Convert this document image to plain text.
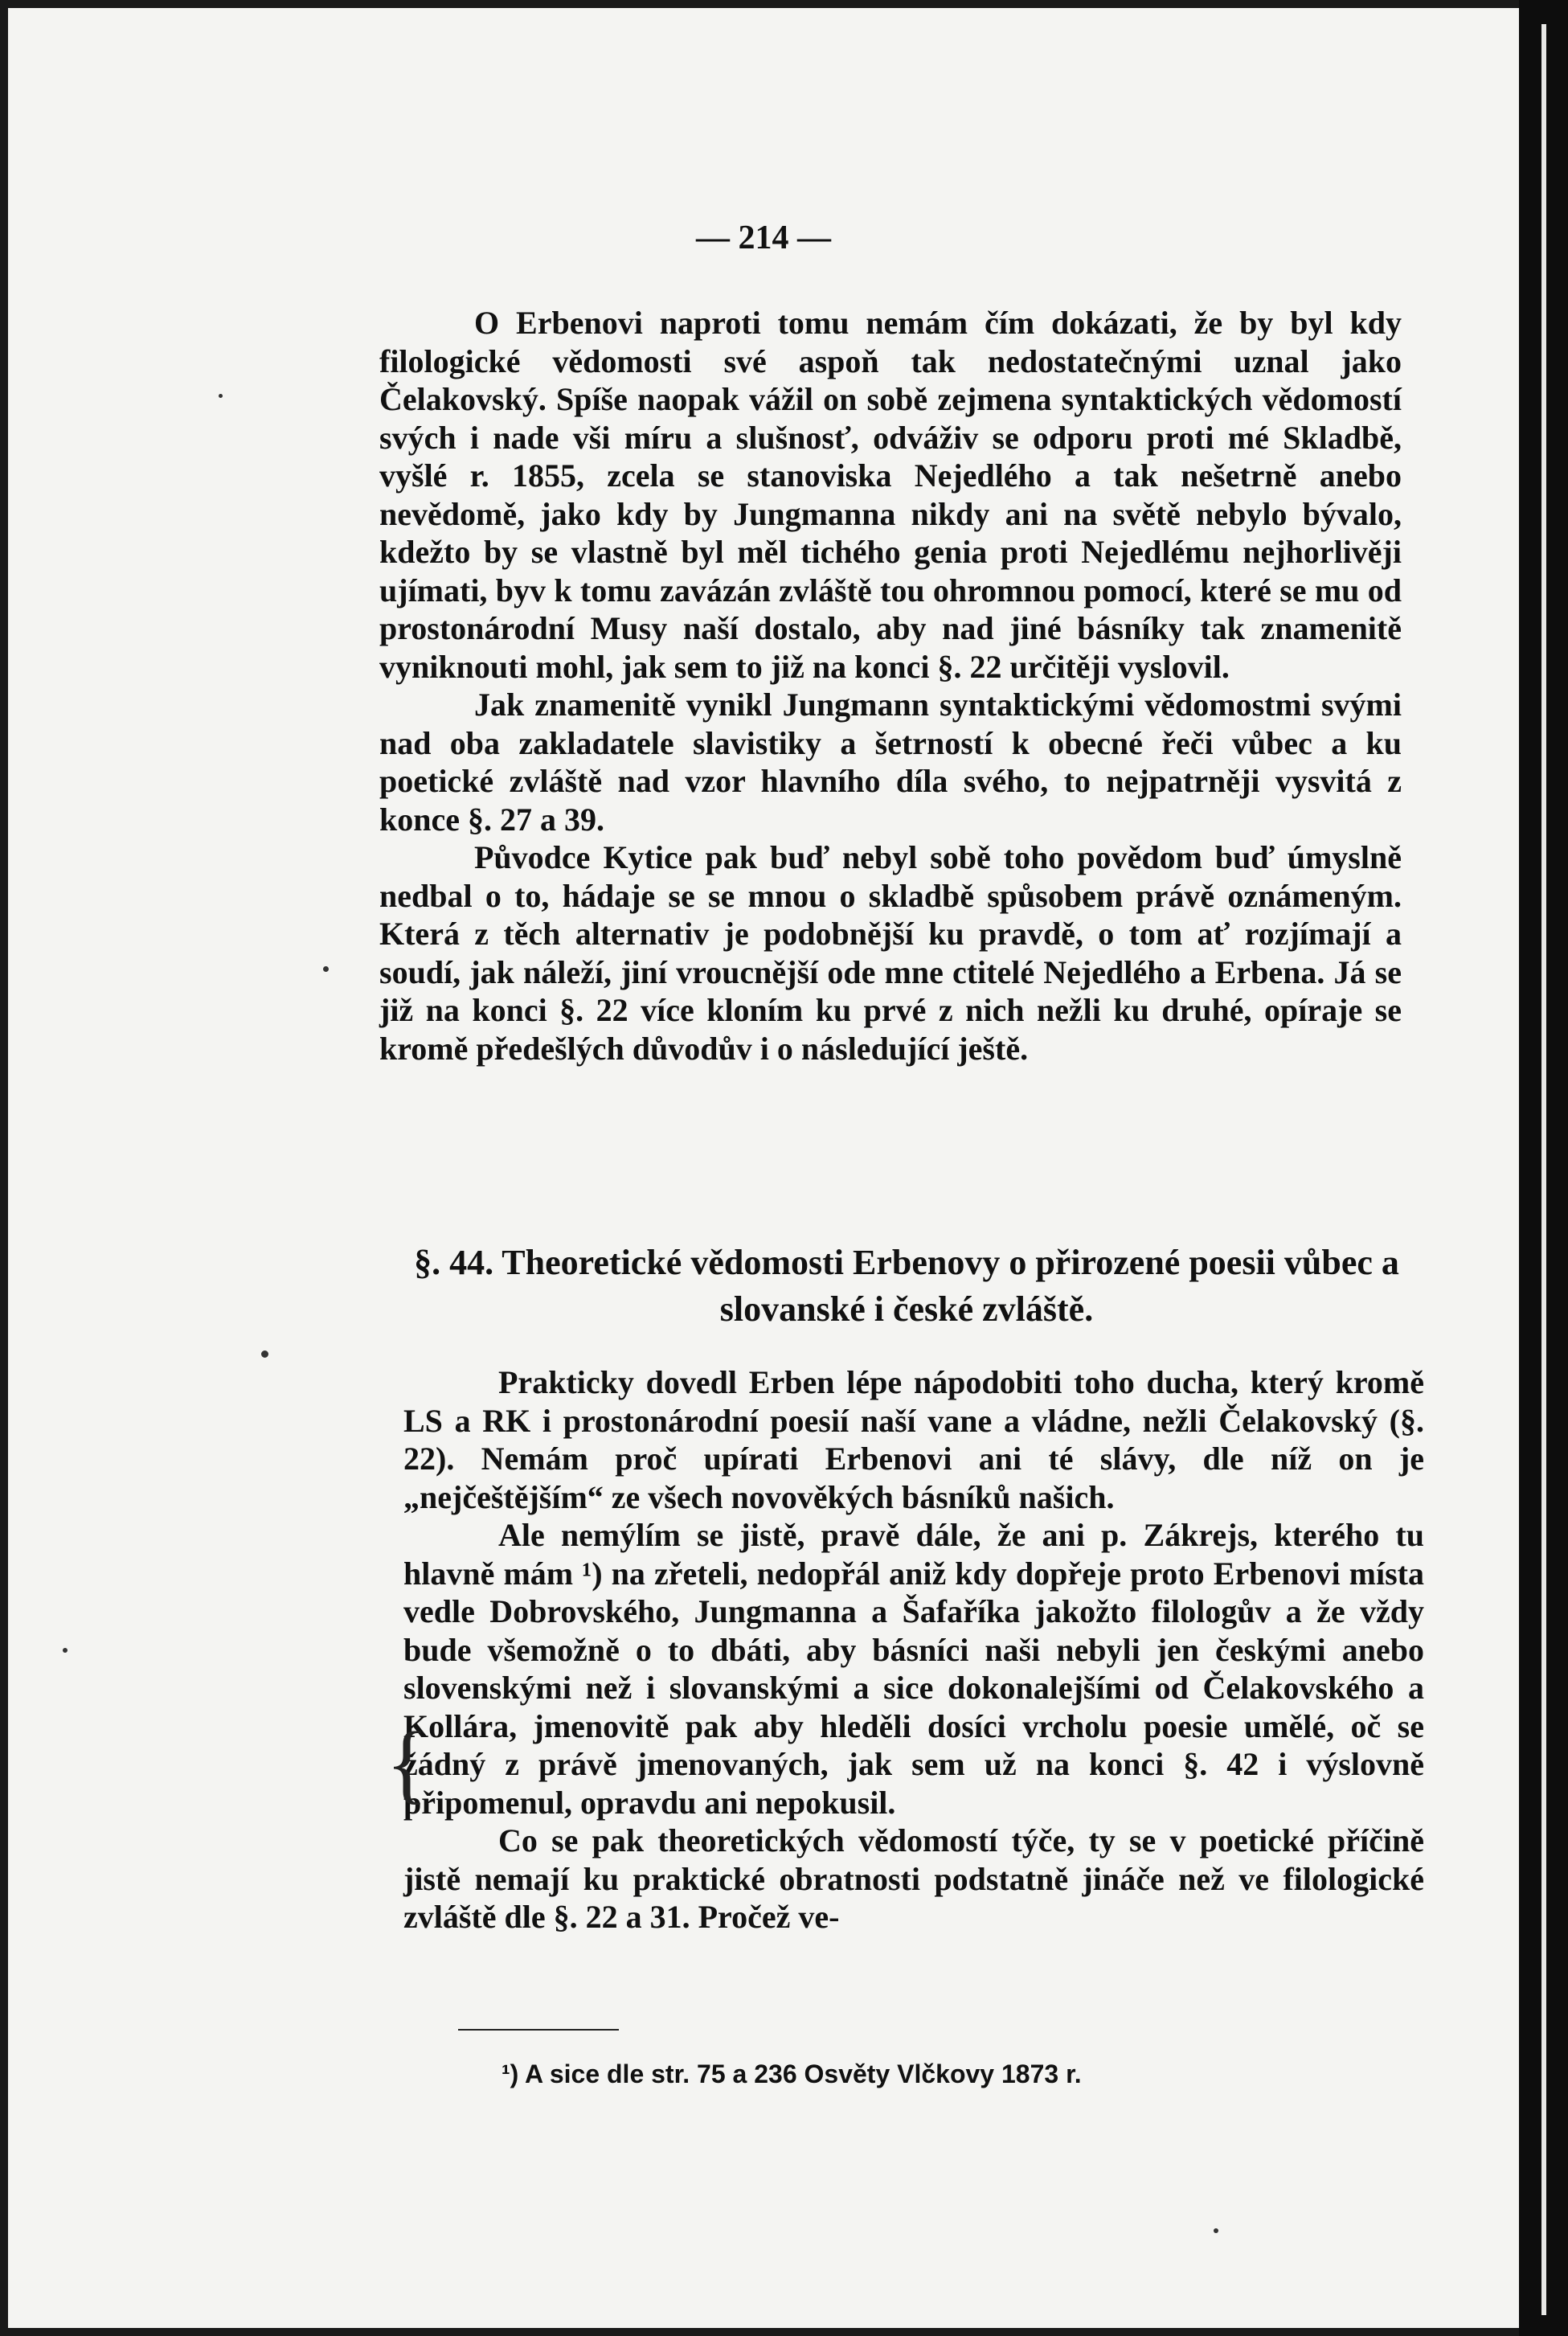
— 214 —

O Erbenovi naproti tomu nemám čím dokázati, že by byl kdy filologické vědomosti své aspoň tak nedostatečnými uznal jako Čelakovský. Spíše naopak vážil on sobě zejmena syntaktických vědomostí svých i nade vši míru a slušnosť, odváživ se odporu proti mé Skladbě, vyšlé r. 1855, zcela se stanoviska Nejedlého a tak nešetrně anebo nevědomě, jako kdy by Jungmanna nikdy ani na světě nebylo bývalo, kdežto by se vlastně byl měl tichého genia proti Nejedlému nejhorlivěji ujímati, byv k tomu zavázán zvláště tou ohromnou pomocí, které se mu od prostonárodní Musy naší dostalo, aby nad jiné básníky tak znamenitě vyniknouti mohl, jak sem to již na konci §. 22 určitěji vyslovil.

Jak znamenitě vynikl Jungmann syntaktickými vědomostmi svými nad oba zakladatele slavistiky a šetrností k obecné řeči vůbec a ku poetické zvláště nad vzor hlavního díla svého, to nejpatrněji vysvitá z konce §. 27 a 39.

Původce Kytice pak buď nebyl sobě toho povědom buď úmyslně nedbal o to, hádaje se se mnou o skladbě spůsobem právě oznámeným. Která z těch alternativ je podobnější ku pravdě, o tom ať rozjímají a soudí, jak náleží, jiní vroucnější ode mne ctitelé Nejedlého a Erbena. Já se již na konci §. 22 více kloním ku prvé z nich nežli ku druhé, opíraje se kromě předešlých důvodův i o následující ještě.

§. 44. Theoretické vědomosti Erbenovy o přirozené poesii vůbec a slovanské i české zvláště.

Prakticky dovedl Erben lépe nápodobiti toho ducha, který kromě LS a RK i prostonárodní poesií naší vane a vládne, nežli Čelakovský (§. 22). Nemám proč upírati Erbenovi ani té slávy, dle níž on je „nejčeštějším“ ze všech novověkých básníků našich.

Ale nemýlím se jistě, pravě dále, že ani p. Zákrejs, kterého tu hlavně mám ¹) na zřeteli, nedopřál aniž kdy dopřeje proto Erbenovi místa vedle Dobrovského, Jungmanna a Šafaříka jakožto filologův a že vždy bude všemožně o to dbáti, aby básníci naši nebyli jen českými anebo slovenskými než i slovanskými a sice dokonalejšími od Čelakovského a Kollára, jmenovitě pak aby hleděli dosíci vrcholu poesie umělé, oč se žádný z právě jmenovaných, jak sem už na konci §. 42 i výslovně připomenul, opravdu ani nepokusil.

Co se pak theoretických vědomostí týče, ty se v poetické příčině jistě nemají ku praktické obratnosti podstatně jináče než ve filologické zvláště dle §. 22 a 31. Pročež ve-

{
¹) A sice dle str. 75 a 236 Osvěty Vlčkovy 1873 r.
